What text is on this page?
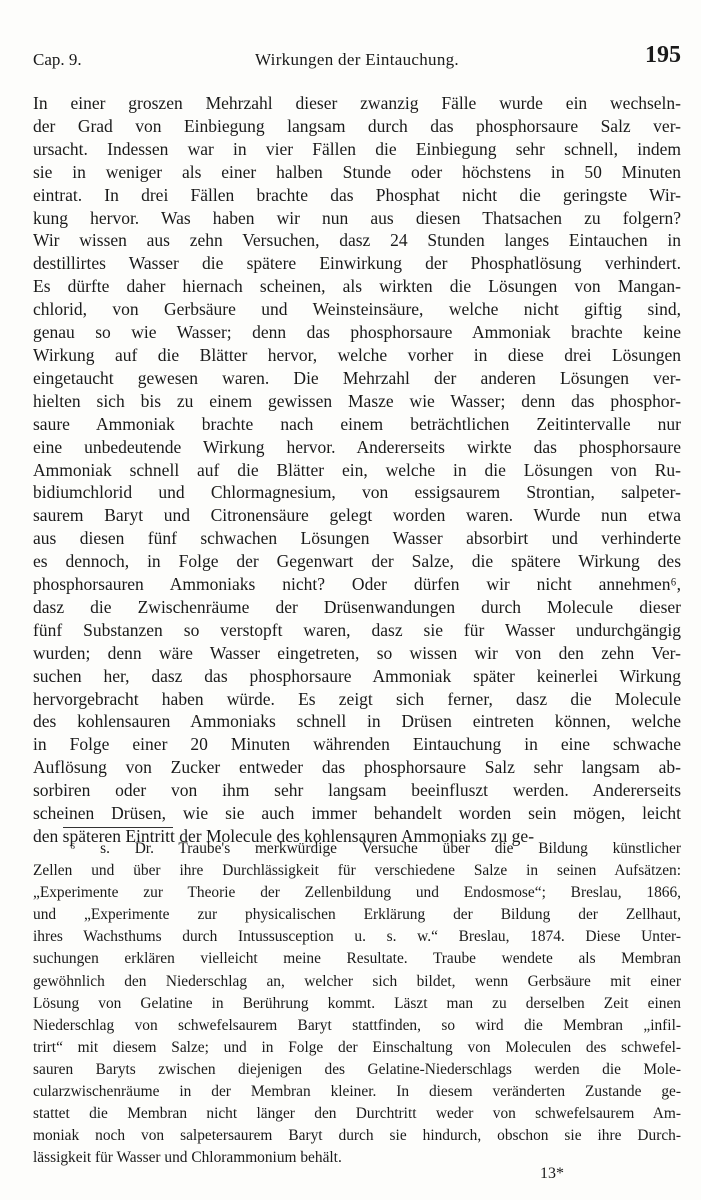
Cap. 9.	Wirkungen der Eintauchung.	195
In einer groszen Mehrzahl dieser zwanzig Fälle wurde ein wechseln-
der Grad von Einbiegung langsam durch das phosphorsaure Salz ver-
ursacht. Indessen war in vier Fällen die Einbiegung sehr schnell, indem
sie in weniger als einer halben Stunde oder höchstens in 50 Minuten
eintrat. In drei Fällen brachte das Phosphat nicht die geringste Wir-
kung hervor. Was haben wir nun aus diesen Thatsachen zu folgern?
Wir wissen aus zehn Versuchen, dasz 24 Stunden langes Eintauchen in
destillirtes Wasser die spätere Einwirkung der Phosphatlösung verhindert.
Es dürfte daher hiernach scheinen, als wirkten die Lösungen von Mangan-
chlorid, von Gerbsäure und Weinsteinsäure, welche nicht giftig sind,
genau so wie Wasser; denn das phosphorsaure Ammoniak brachte keine
Wirkung auf die Blätter hervor, welche vorher in diese drei Lösungen
eingetaucht gewesen waren. Die Mehrzahl der anderen Lösungen ver-
hielten sich bis zu einem gewissen Masze wie Wasser; denn das phosphor-
saure Ammoniak brachte nach einem beträchtlichen Zeitintervalle nur
eine unbedeutende Wirkung hervor. Andererseits wirkte das phosphorsaure
Ammoniak schnell auf die Blätter ein, welche in die Lösungen von Ru-
bidiumchlorid und Chlormagnesium, von essigsaurem Strontian, salpeter-
saurem Baryt und Citronensäure gelegt worden waren. Wurde nun etwa
aus diesen fünf schwachen Lösungen Wasser absorbirt und verhinderte
es dennoch, in Folge der Gegenwart der Salze, die spätere Wirkung des
phosphorsauren Ammoniaks nicht? Oder dürfen wir nicht annehmen⁶,
dasz die Zwischenräume der Drüsenwandungen durch Molecule dieser
fünf Substanzen so verstopft waren, dasz sie für Wasser undurchgängig
wurden; denn wäre Wasser eingetreten, so wissen wir von den zehn Ver-
suchen her, dasz das phosphorsaure Ammoniak später keinerlei Wirkung
hervorgebracht haben würde. Es zeigt sich ferner, dasz die Molecule
des kohlensauren Ammoniaks schnell in Drüsen eintreten können, welche
in Folge einer 20 Minuten währenden Eintauchung in eine schwache
Auflösung von Zucker entweder das phosphorsaure Salz sehr langsam ab-
sorbiren oder von ihm sehr langsam beeinfluszt werden. Andererseits
scheinen Drüsen, wie sie auch immer behandelt worden sein mögen, leicht
den späteren Eintritt der Molecule des kohlensauren Ammoniaks zu ge-
⁶ s. Dr. Traube's merkwürdige Versuche über die Bildung künstlicher
Zellen und über ihre Durchlässigkeit für verschiedene Salze in seinen Aufsätzen:
„Experimente zur Theorie der Zellenbildung und Endosmose“; Breslau, 1866,
und „Experimente zur physicalischen Erklärung der Bildung der Zellhaut,
ihres Wachsthums durch Intussusception u. s. w.“ Breslau, 1874. Diese Unter-
suchungen erklären vielleicht meine Resultate. Traube wendete als Membran
gewöhnlich den Niederschlag an, welcher sich bildet, wenn Gerbsäure mit einer
Lösung von Gelatine in Berührung kommt. Läszt man zu derselben Zeit einen
Niederschlag von schwefelsaurem Baryt stattfinden, so wird die Membran „infil-
trirt“ mit diesem Salze; und in Folge der Einschaltung von Moleculen des schwefel-
sauren Baryts zwischen diejenigen des Gelatine-Niederschlags werden die Mole-
cularzwischenräume in der Membran kleiner. In diesem veränderten Zustande ge-
stattet die Membran nicht länger den Durchtritt weder von schwefelsaurem Am-
moniak noch von salpetersaurem Baryt durch sie hindurch, obschon sie ihre Durch-
lässigkeit für Wasser und Chlorammonium behält.
13*
